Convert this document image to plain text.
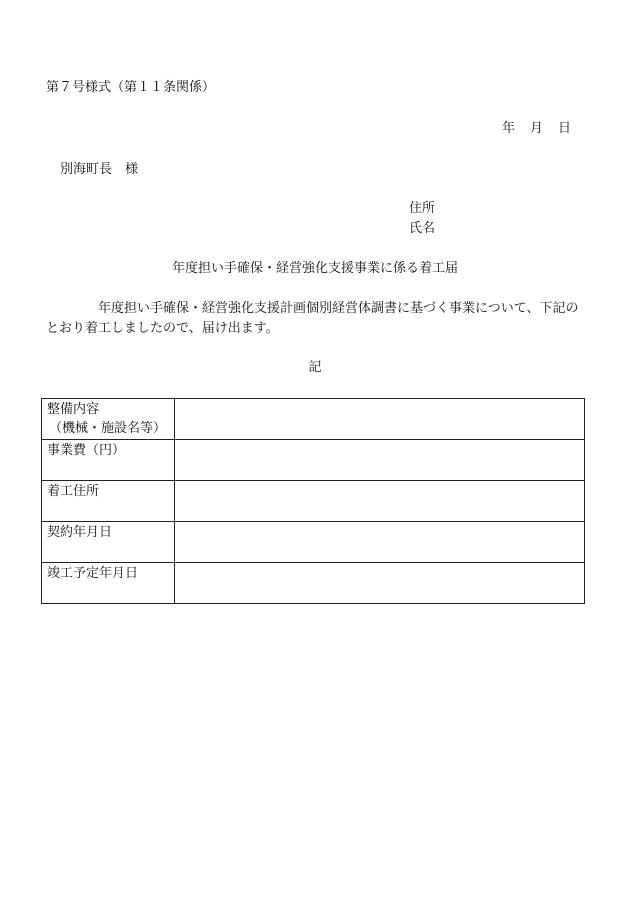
第７号様式（第１１条関係）
年 月 日
別海町長　様
住所
氏名
年度担い手確保・経営強化支援事業に係る着工届
年度担い手確保・経営強化支援計画個別経営体調書に基づく事業について、下記のとおり着工しましたので、届け出ます。
記
整備内容
（機械・施設名等）	

事業費（円）	
着工住所	
契約年月日	
竣工予定年月日	
